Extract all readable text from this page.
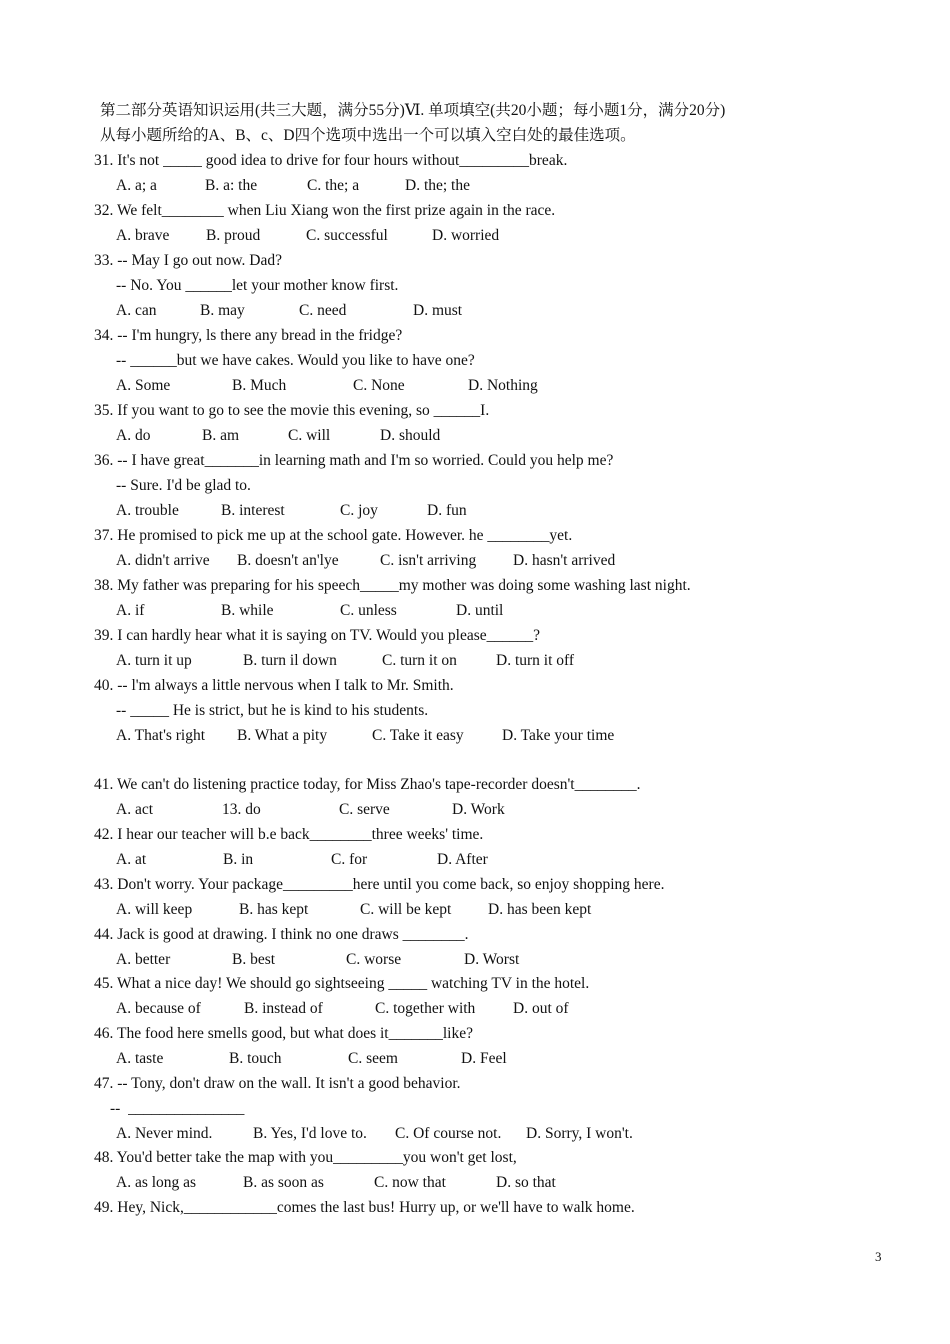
第二部分英语知识运用(共三大题，满分55分)Ⅵ. 单项填空(共20小题；每小题1分，满分20分)
从每小题所给的A、B、c、D四个选项中选出一个可以填入空白处的最佳选项。
31. It's not _____ good idea to drive for four hours without_________break.
A. a; a	B. a: the	C. the; a	D. the; the
32. We felt________ when Liu Xiang won the first prize again in the race.
A. brave B. proud	C. successful	D. worried
33. -- May I go out now. Dad?
-- No. You ______let your mother know first.
A. can	B. may	C. need	D. must
34. -- I'm hungry, ls there any bread in the fridge?
-- ______but we have cakes. Would you like to have one?
A. Some	B. Much	C. None	D. Nothing
35. If you want to go to see the movie this evening, so ______I.
A. do	B. am	C. will	D. should
36. -- I have great_______in learning math and I'm so worried. Could you help me?
-- Sure. I'd be glad to.
A. trouble	B. interest	C. joy	D. fun
37. He promised to pick me up at the school gate. However. he ________yet.
A. didn't arrive B. doesn't an'lye	C. isn't arriving D. hasn't arrived
38. My father was preparing for his speech_____my mother was doing some washing last night.
A. if	B. while	C. unless	D. until
39. I can hardly hear what it is saying on TV. Would you please______?
A. turn it up	B. turn il down	C. turn it on	D. turn it off
40. -- l'm always a little nervous when I talk to Mr. Smith.
-- _____ He is strict, but he is kind to his students.
A. That's right B. What a pity	C. Take it easy D. Take your time
41. We can't do listening practice today, for Miss Zhao's tape-recorder doesn't________.
A. act	13. do	C. serve	D. Work
42. I hear our teacher will b.e back________three weeks' time.
A. at	B. in	C. for	D. After
43. Don't worry. Your package_________here until you come back, so enjoy shopping here.
A. will keep	B. has kept	C. will be kept D. has been kept
44. Jack is good at drawing. I think no one draws ________.
A. better	B. best	C. worse	D. Worst
45. What a nice day! We should go sightseeing _____ watching TV in the hotel.
A. because of	B. instead of	C. together with D. out of
46. The food here smells good, but what does it_______like?
A. taste	B. touch	C. seem	D. Feel
47. -- Tony, don't draw on the wall. It isn't a good behavior.
--  _______________
A. Never mind.	B. Yes, I'd love to. C. Of course not. D. Sorry, I won't.
48. You'd better take the map with you_________you won't get lost,
A. as long as	B. as soon as	C. now that	D. so that
49. Hey, Nick,____________comes the last bus! Hurry up, or we'll have to walk home.
3
